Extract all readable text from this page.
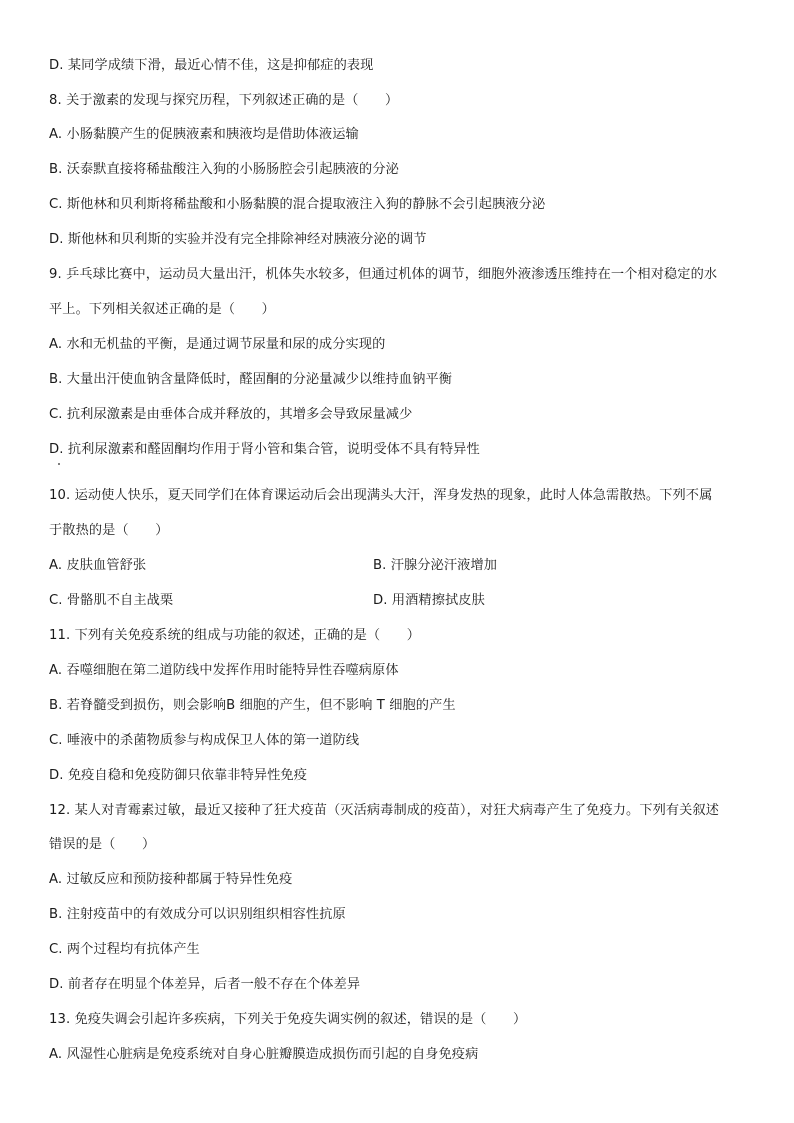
D. 某同学成绩下滑，最近心情不佳，这是抑郁症的表现
8. 关于激素的发现与探究历程，下列叙述正确的是（　　）
A. 小肠黏膜产生的促胰液素和胰液均是借助体液运输
B. 沃泰默直接将稀盐酸注入狗的小肠肠腔会引起胰液的分泌
C. 斯他林和贝利斯将稀盐酸和小肠黏膜的混合提取液注入狗的静脉不会引起胰液分泌
D. 斯他林和贝利斯的实验并没有完全排除神经对胰液分泌的调节
9. 乒乓球比赛中，运动员大量出汗，机体失水较多，但通过机体的调节，细胞外液渗透压维持在一个相对稳定的水
平上。下列相关叙述正确的是（　　）
A. 水和无机盐的平衡，是通过调节尿量和尿的成分实现的
B. 大量出汗使血钠含量降低时，醛固酮的分泌量减少以维持血钠平衡
C. 抗利尿激素是由垂体合成并释放的，其增多会导致尿量减少
D. 抗利尿激素和醛固酮均作用于肾小管和集合管，说明受体不具有特异性
10. 运动使人快乐，夏天同学们在体育课运动后会出现满头大汗，浑身发热的现象，此时人体急需散热。下列不属
于散热的是（　　）
A. 皮肤血管舒张	B. 汗腺分泌汗液增加
C. 骨骼肌不自主战栗	D. 用酒精擦拭皮肤
11. 下列有关免疫系统的组成与功能的叙述，正确的是（　　）
A. 吞噬细胞在第二道防线中发挥作用时能特异性吞噬病原体
B. 若脊髓受到损伤，则会影响B 细胞的产生，但不影响 T 细胞的产生
C. 唾液中的杀菌物质参与构成保卫人体的第一道防线
D. 免疫自稳和免疫防御只依靠非特异性免疫
12. 某人对青霉素过敏，最近又接种了狂犬疫苗（灭活病毒制成的疫苗），对狂犬病毒产生了免疫力。下列有关叙述
错误的是（　　）
A. 过敏反应和预防接种都属于特异性免疫
B. 注射疫苗中的有效成分可以识别组织相容性抗原
C. 两个过程均有抗体产生
D. 前者存在明显个体差异，后者一般不存在个体差异
13. 免疫失调会引起许多疾病，下列关于免疫失调实例的叙述，错误的是（　　）
A. 风湿性心脏病是免疫系统对自身心脏瓣膜造成损伤而引起的自身免疫病
